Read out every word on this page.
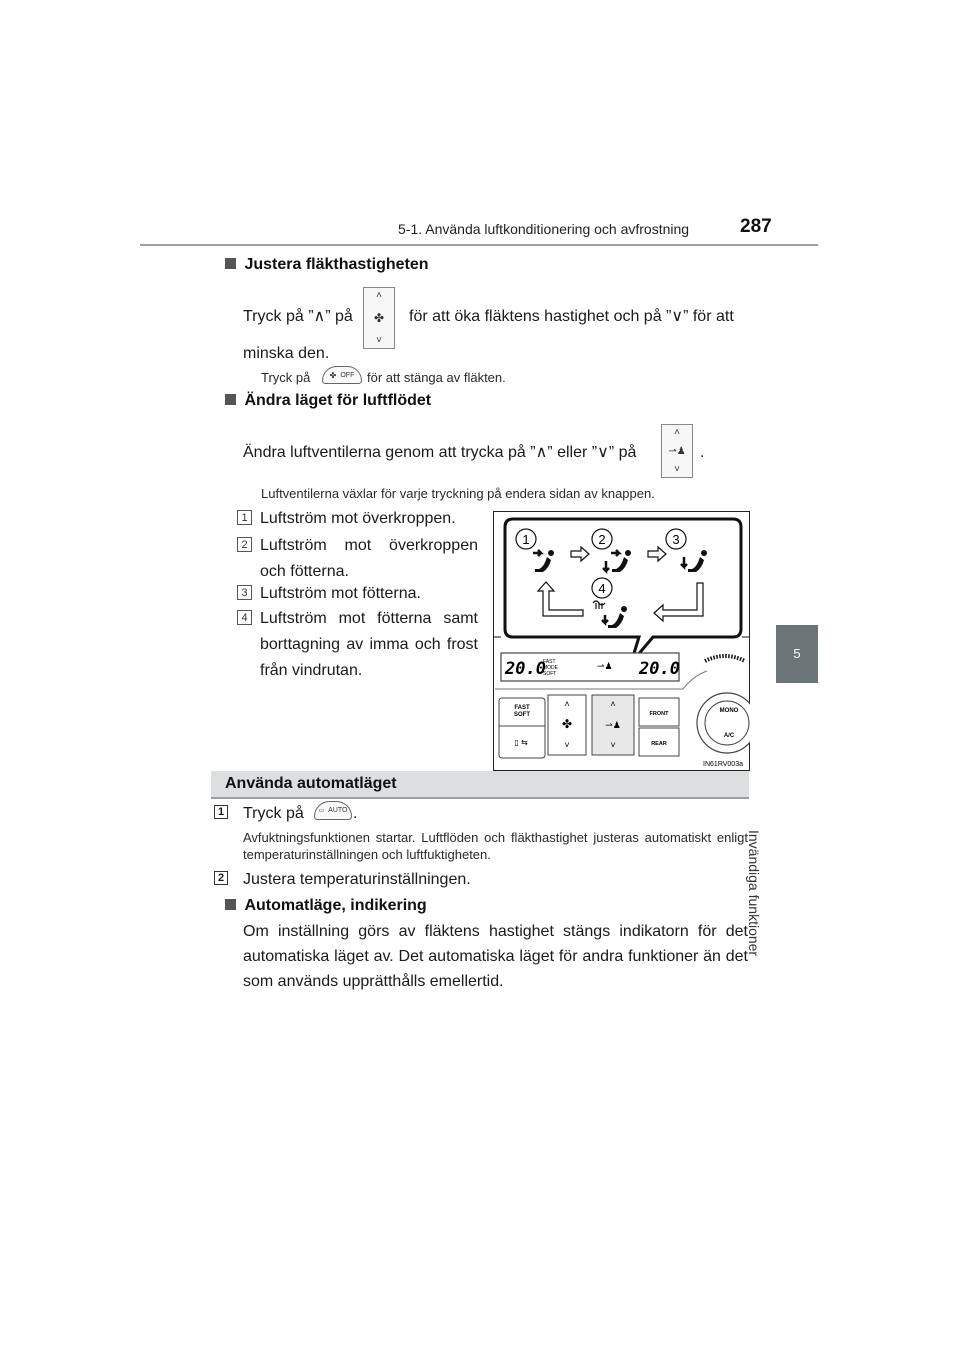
5-1. Använda luftkonditionering och avfrostning	287
5
Invändiga funktioner
Justera fläkthastigheten
Tryck på ”∧” på
˄
✤
˅
för att öka fläktens hastighet och på ”∨” för att
minska den.
Tryck på ✤ OFF för att stänga av fläkten.
Ändra läget för luftflödet
Ändra luftventilerna genom att trycka på ”∧” eller ”∨” på
˄
⇀♟
˅
.
Luftventilerna växlar för varje tryckning på endera sidan av knappen.
1 Luftström mot överkroppen.
2 Luftström mot överkroppen och fötterna.
3 Luftström mot fötterna.
4 Luftström mot fötterna samt borttagning av imma och frost från vindrutan.
1	2	3
4
20.0
FAST
MODE
SOFT
⇀♟ 20.0
FAST
SOFT
▯ ⇆
˄
✤
˅
˄
⇀♟
˅
FRONT
REAR
MONO
A/C
IN61RV003a
Använda automatläget
1 Tryck på ▭ AUTO .
Avfuktningsfunktionen startar. Luftflöden och fläkthastighet justeras automatiskt enligt temperaturinställningen och luftfuktigheten.
2 Justera temperaturinställningen.
Automatläge, indikering
Om inställning görs av fläktens hastighet stängs indikatorn för det automatiska läget av. Det automatiska läget för andra funktioner än det som används upprätthålls emellertid.
